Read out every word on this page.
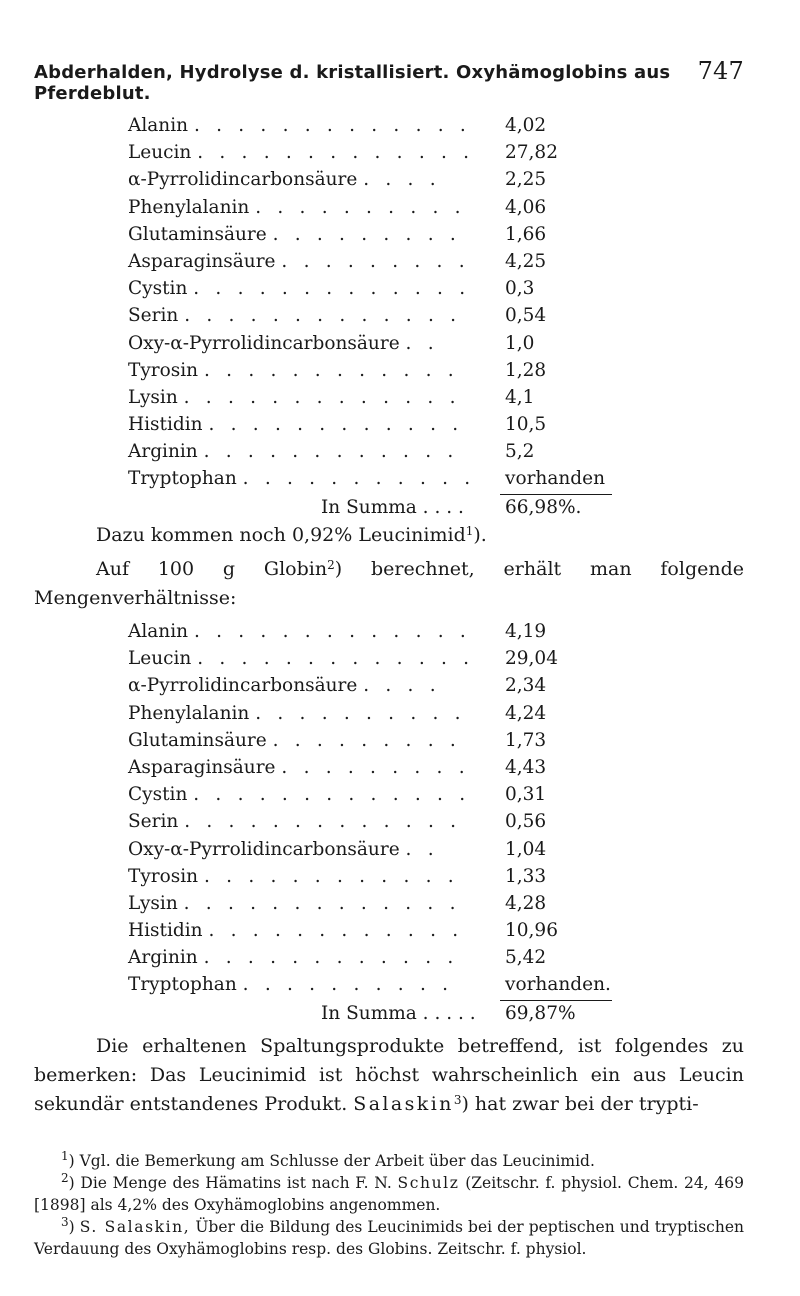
Abderhalden, Hydrolyse d. kristallisiert. Oxyhämoglobins aus Pferdeblut.
747
Alanin . . . . . . . . . . . . . 4,02
Leucin . . . . . . . . . . . . . 27,82
α-Pyrrolidincarbonsäure . . . .	2,25
Phenylalanin . . . . . . . . . . 4,06
Glutaminsäure . . . . . . . . . 1,66
Asparaginsäure . . . . . . . . . 4,25
Cystin . . . . . . . . . . . . . 0,3
Serin . . . . . . . . . . . . . 0,54
Oxy-α-Pyrrolidincarbonsäure . .	1,0
Tyrosin . . . . . . . . . . . . 1,28
Lysin . . . . . . . . . . . . . 4,1
Histidin . . . . . . . . . . . . 10,5
Arginin . . . . . . . . . . . .	5,2
Tryptophan . . . . . . . . . . . vorhanden
In Summa . . . . 66,98%.
Dazu kommen noch 0,92% Leucinimid$^1$).
Auf 100 g Globin$^2$) berechnet, erhält man folgende Mengenverhältnisse:
Alanin . . . . . . . . . . . . . 4,19
Leucin . . . . . . . . . . . . . 29,04
α-Pyrrolidincarbonsäure . . . .	2,34
Phenylalanin . . . . . . . . . . 4,24
Glutaminsäure . . . . . . . . . 1,73
Asparaginsäure . . . . . . . . . 4,43
Cystin . . . . . . . . . . . . . 0,31
Serin . . . . . . . . . . . . . 0,56
Oxy-α-Pyrrolidincarbonsäure . .	1,04
Tyrosin . . . . . . . . . . . . 1,33
Lysin . . . . . . . . . . . . . 4,28
Histidin . . . . . . . . . . . . 10,96
Arginin . . . . . . . . . . . .	5,42
Tryptophan . . . . . . . . . .	vorhanden.
In Summa . . . . . 69,87%
Die erhaltenen Spaltungsprodukte betreffend, ist folgendes zu bemerken: Das Leucinimid ist höchst wahrscheinlich ein aus Leucin sekundär entstandenes Produkt. Salaskin$^3$) hat zwar bei der trypti-
$^1$) Vgl. die Bemerkung am Schlusse der Arbeit über das Leucinimid.
$^2$) Die Menge des Hämatins ist nach F. N. Schulz (Zeitschr. f. physiol. Chem. 24, 469 [1898] als 4,2% des Oxyhämoglobins angenommen.
$^3$) S. Salaskin, Über die Bildung des Leucinimids bei der peptischen und tryptischen Verdauung des Oxyhämoglobins resp. des Globins. Zeitschr. f. physiol.
